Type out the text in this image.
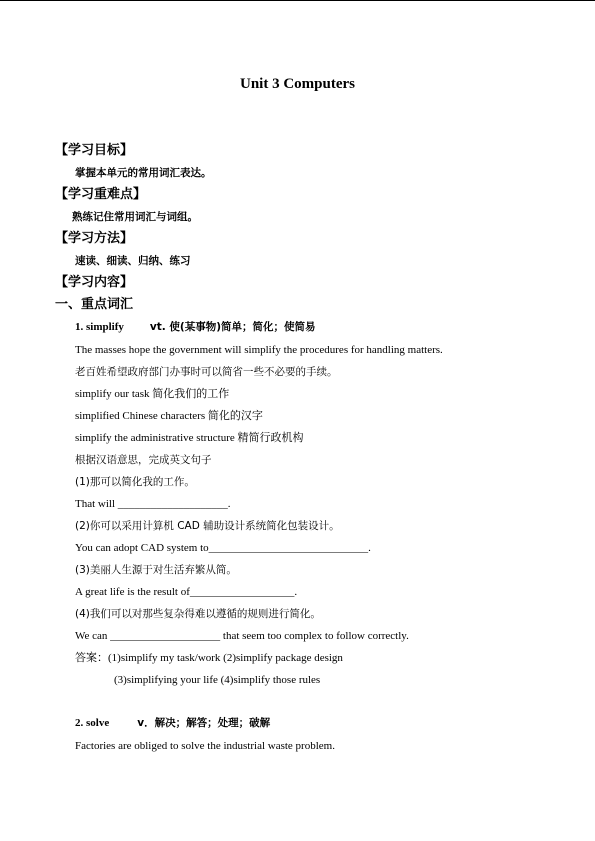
Unit 3 Computers
【学习目标】
掌握本单元的常用词汇表达。
【学习重难点】
熟练记住常用词汇与词组。
【学习方法】
速读、细读、归纳、练习
【学习内容】
一、重点词汇
1. simplify vt. 使(某事物)简单；简化；使简易
The masses hope the government will simplify the procedures for handling matters.
老百姓希望政府部门办事时可以简省一些不必要的手续。
simplify our task 简化我们的工作
simplified Chinese characters 简化的汉字
simplify the administrative structure 精简行政机构
根据汉语意思，完成英文句子
(1)那可以简化我的工作。
That will ____________________.
(2)你可以采用计算机 CAD 辅助设计系统简化包装设计。
You can adopt CAD system to_____________________________.
(3)美丽人生源于对生活弃繁从简。
A great life is the result of___________________.
(4)我们可以对那些复杂得难以遵循的规则进行简化。
We can ____________________ that seem too complex to follow correctly.
答案：(1)simplify my task/work (2)simplify package design
(3)simplifying your life (4)simplify those rules
2. solve	v．解决；解答；处理；破解
Factories are obliged to solve the industrial waste problem.
